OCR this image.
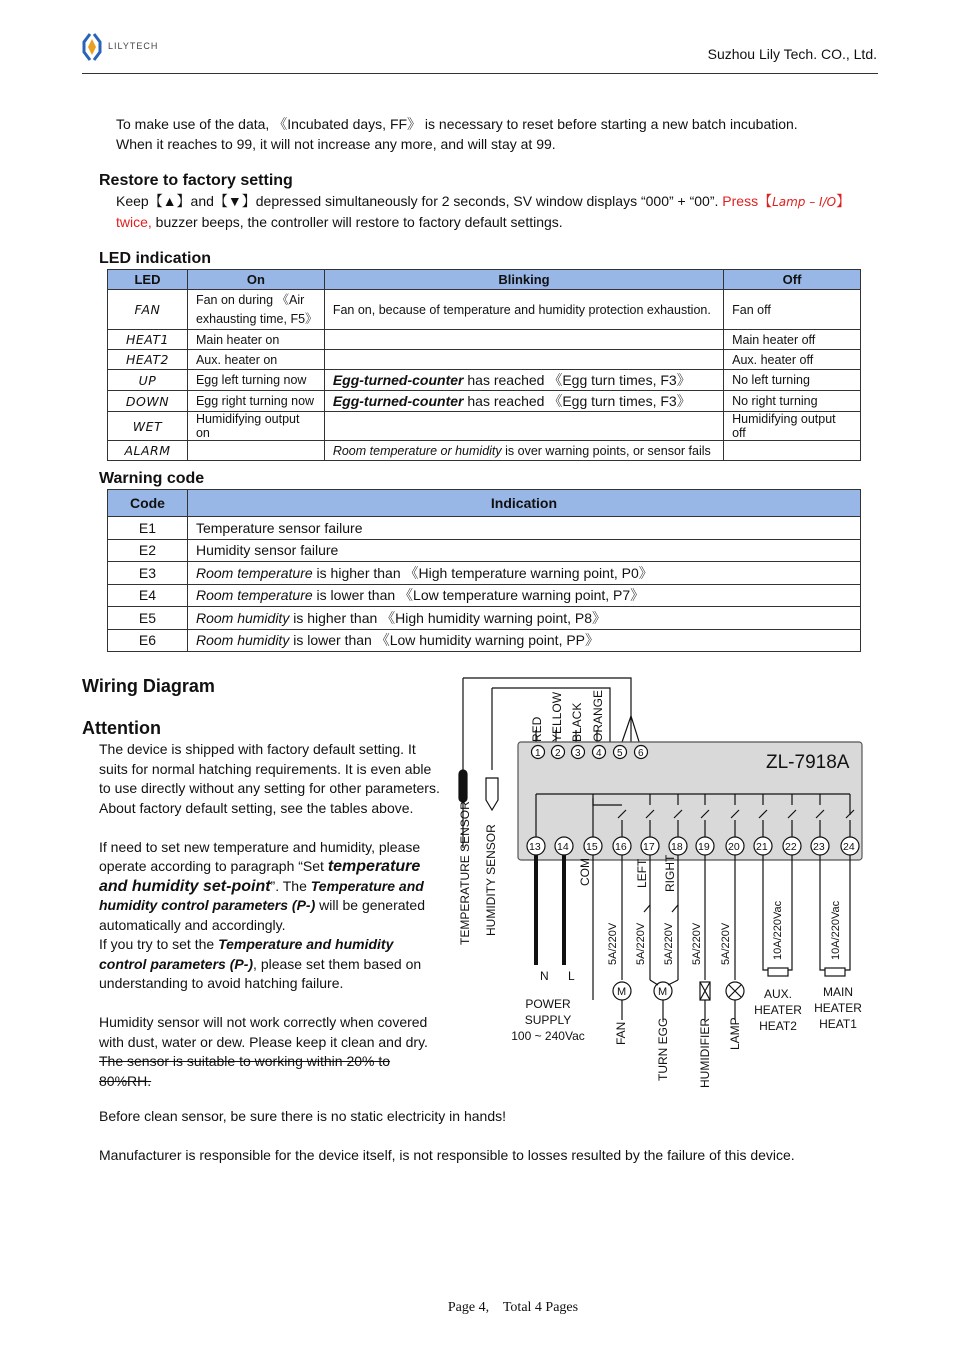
LILYTECH	Suzhou Lily Tech. CO., Ltd.
To make use of the data, 《Incubated days, FF》 is necessary to reset before starting a new batch incubation.
When it reaches to 99, it will not increase any more, and will stay at 99.
Restore to factory setting
Keep【▲】and【▼】depressed simultaneously for 2 seconds, SV window displays “000” + “00”. Press【Lamp – I/O】
twice, buzzer beeps, the controller will restore to factory default settings.
LED indication
LED	On	Blinking	Off
FAN	Fan on during 《Air exhausting time, F5》	Fan on, because of temperature and humidity protection exhaustion.	Fan off
HEAT1	Main heater on		Main heater off
HEAT2	Aux. heater on		Aux. heater off
UP	Egg left turning now	Egg-turned-counter has reached 《Egg turn times, F3》	No left turning
DOWN	Egg right turning now	Egg-turned-counter has reached 《Egg turn times, F3》	No right turning
WET	Humidifying output on		Humidifying output off
ALARM		Room temperature or humidity is over warning points, or sensor fails	
Warning code
Code	Indication
E1	Temperature sensor failure
E2	Humidity sensor failure
E3	Room temperature is higher than 《High temperature warning point, P0》
E4	Room temperature is lower than 《Low temperature warning point, P7》
E5	Room humidity is higher than 《High humidity warning point, P8》
E6	Room humidity is lower than 《Low humidity warning point, PP》
Wiring Diagram
Attention
The device is shipped with factory default setting. It suits for normal hatching requirements. It is even able to use directly without any setting for other parameters. About factory default setting, see the tables above.
If need to set new temperature and humidity, please operate according to paragraph “Set temperature and humidity set-point”. The Temperature and humidity control parameters (P-) will be generated automatically and accordingly.
If you try to set the Temperature and humidity control parameters (P-), please set them based on understanding to avoid hatching failure.
Humidity sensor will not work correctly when covered with dust, water or dew. Please keep it clean and dry.
The sensor is suitable to working within 20% to 80%RH.
Before clean sensor, be sure there is no static electricity in hands!
Manufacturer is responsible for the device itself, is not responsible to losses resulted by the failure of this device.
RED YELLOW BLACK ORANGE
ZL-7918A
1 2 3 4 5 6
13 14 15 16 17 18 19 20 21 22 23 24
TEMPERATURE SENSOR HUMIDITY SENSOR
N L
COM	LEFT RIGHT
POWER
SUPPLY
100 ~ 240Vac
5A/220V 5A/220V 5A/220V 5A/220V 5A/220V
M	M
FAN TURN EGG HUMIDIFIER LAMP
10A/220Vac	10A/220Vac
AUX.
HEATER
HEAT2
MAIN
HEATER
HEAT1
Page 4,    Total 4 Pages
